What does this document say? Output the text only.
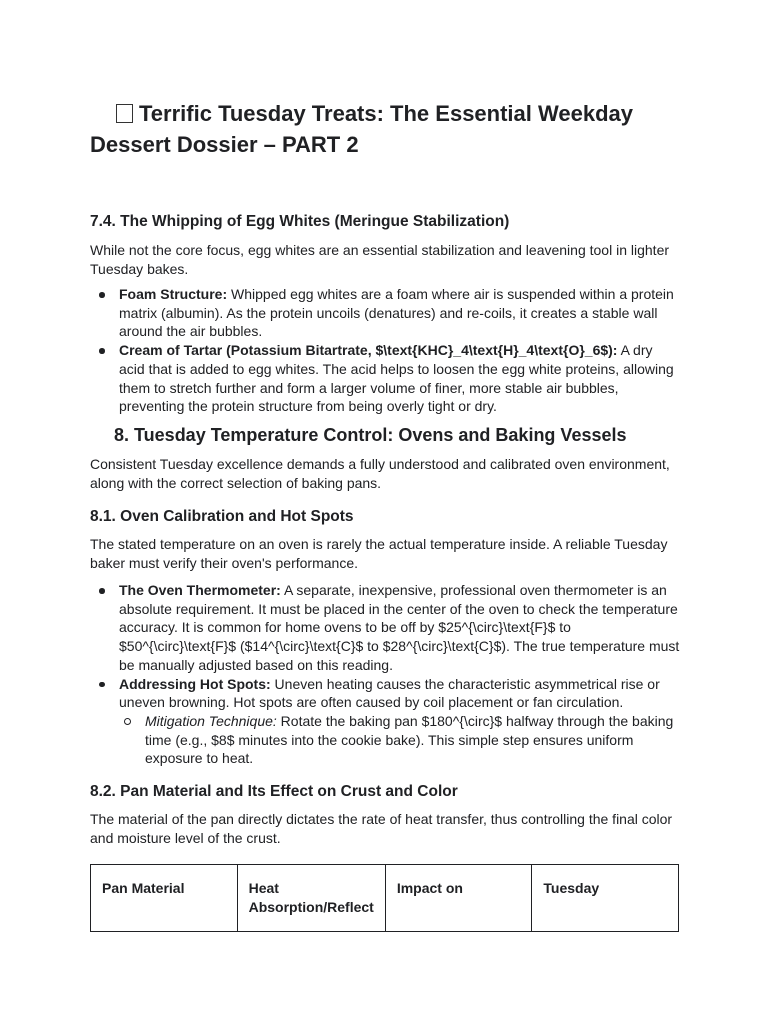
Terrific Tuesday Treats: The Essential Weekday Dessert Dossier – PART 2
7.4. The Whipping of Egg Whites (Meringue Stabilization)

While not the core focus, egg whites are an essential stabilization and leavening tool in lighter Tuesday bakes.

Foam Structure: Whipped egg whites are a foam where air is suspended within a protein matrix (albumin). As the protein uncoils (denatures) and re-coils, it creates a stable wall around the air bubbles.
Cream of Tartar (Potassium Bitartrate, $\text{KHC}_4\text{H}_4\text{O}_6$): A dry acid that is added to egg whites. The acid helps to loosen the egg white proteins, allowing them to stretch further and form a larger volume of finer, more stable air bubbles, preventing the protein structure from being overly tight or dry.
8. Tuesday Temperature Control: Ovens and Baking Vessels

Consistent Tuesday excellence demands a fully understood and calibrated oven environment, along with the correct selection of baking pans.

8.1. Oven Calibration and Hot Spots

The stated temperature on an oven is rarely the actual temperature inside. A reliable Tuesday baker must verify their oven's performance.

The Oven Thermometer: A separate, inexpensive, professional oven thermometer is an absolute requirement. It must be placed in the center of the oven to check the temperature accuracy. It is common for home ovens to be off by $25^{\circ}\text{F}$ to $50^{\circ}\text{F}$ ($14^{\circ}\text{C}$ to $28^{\circ}\text{C}$). The true temperature must be manually adjusted based on this reading.
Addressing Hot Spots: Uneven heating causes the characteristic asymmetrical rise or uneven browning. Hot spots are often caused by coil placement or fan circulation.
Mitigation Technique: Rotate the baking pan $180^{\circ}$ halfway through the baking time (e.g., $8$ minutes into the cookie bake). This simple step ensures uniform exposure to heat.
8.2. Pan Material and Its Effect on Crust and Color

The material of the pan directly dictates the rate of heat transfer, thus controlling the final color and moisture level of the crust.

Pan Material	Heat Absorption/Reflect	Impact on	Tuesday
